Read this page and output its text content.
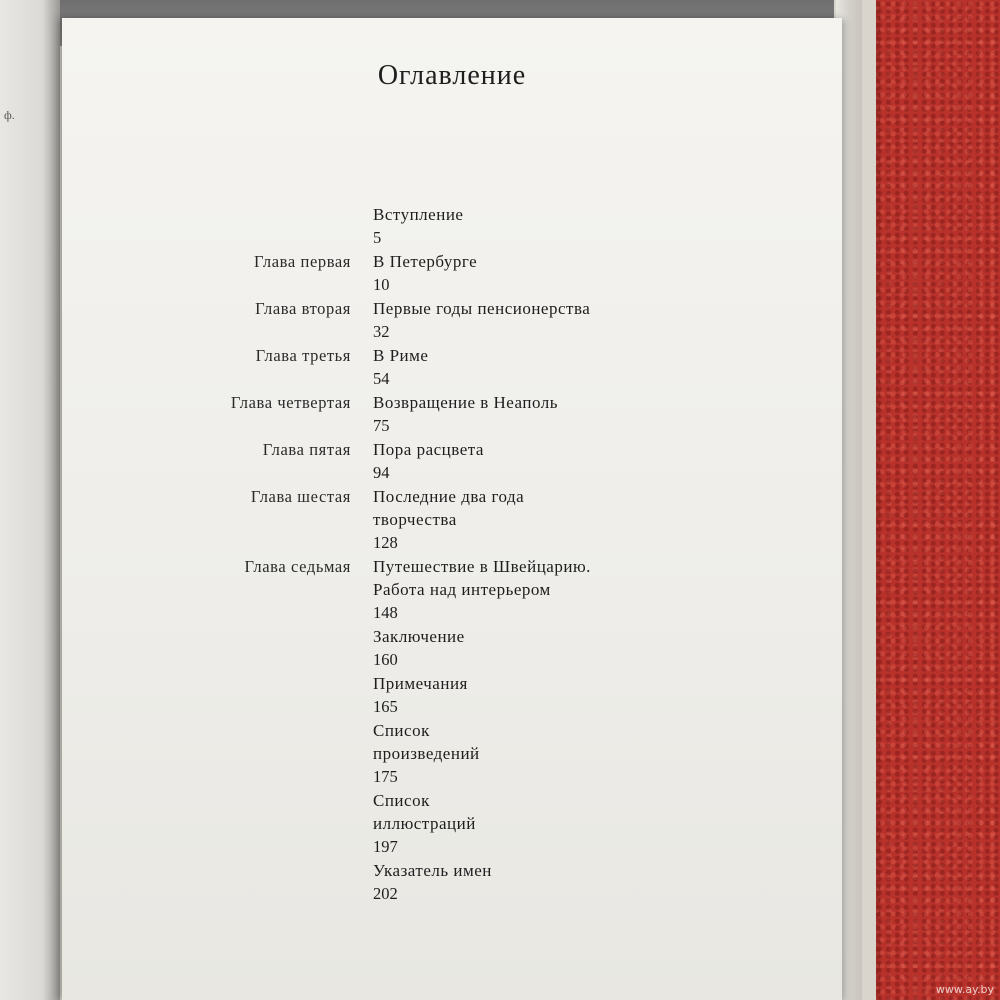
ф.
Оглавление
Вступление
5
Глава первая	В Петербурге
10
Глава вторая	Первые годы пенсионерства
32
Глава третья	В Риме
54
Глава четвертая	Возвращение в Неаполь
75
Глава пятая	Пора расцвета
94
Глава шестая	Последние два года
творчества
128
Глава седьмая	Путешествие в Швейцарию.
Работа над интерьером
148
Заключение
160
Примечания
165
Список
произведений
175
Список
иллюстраций
197
Указатель имен
202
www.ay.by
